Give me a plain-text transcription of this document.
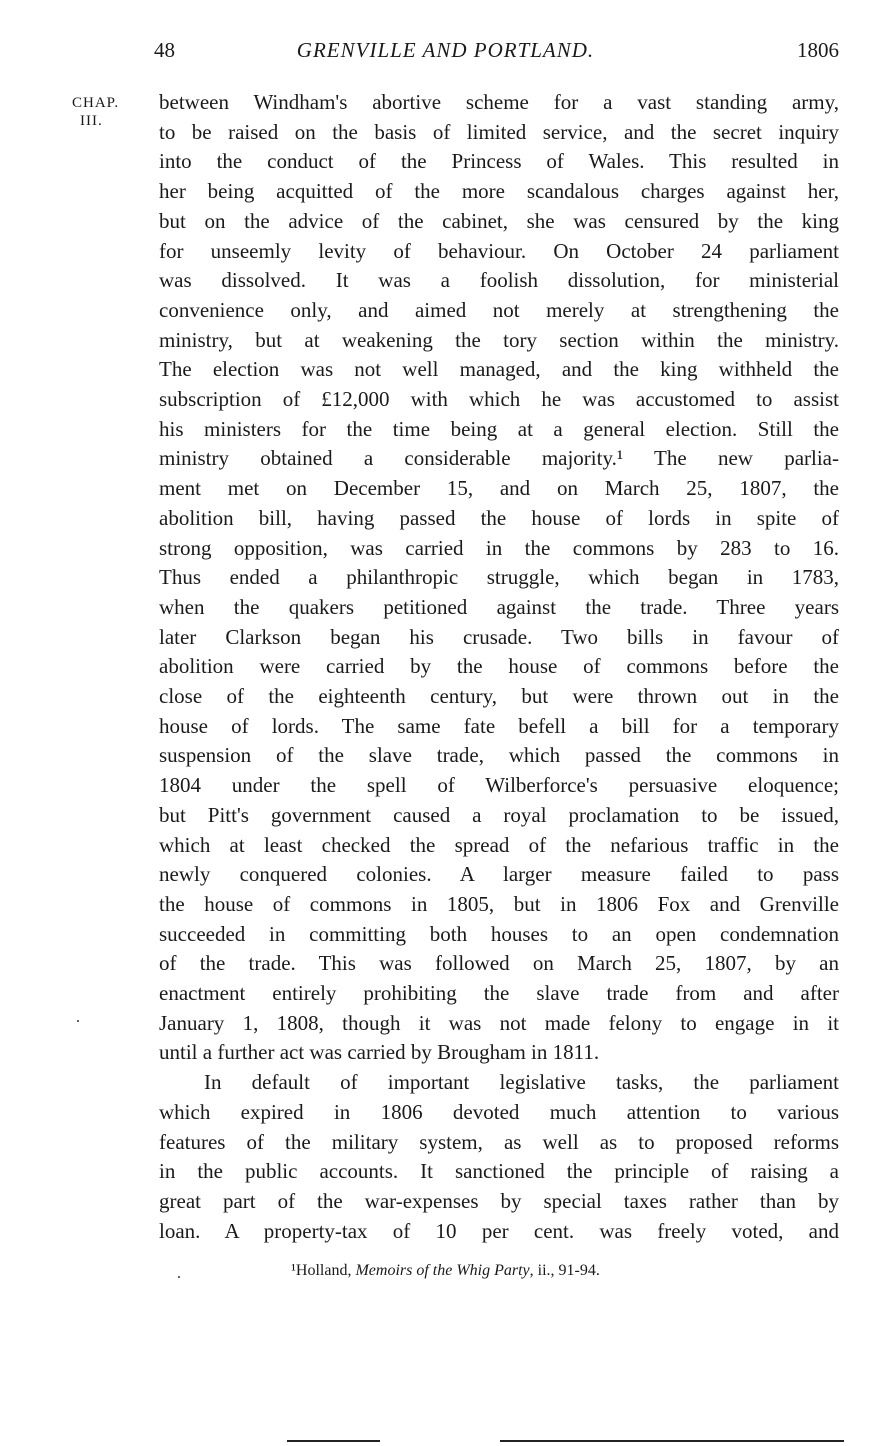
48	GRENVILLE AND PORTLAND.	1806
CHAP.
III.
between Windham's abortive scheme for a vast standing army,
to be raised on the basis of limited service, and the secret inquiry
into the conduct of the Princess of Wales. This resulted in
her being acquitted of the more scandalous charges against her,
but on the advice of the cabinet, she was censured by the king
for unseemly levity of behaviour. On October 24 parliament
was dissolved. It was a foolish dissolution, for ministerial
convenience only, and aimed not merely at strengthening the
ministry, but at weakening the tory section within the ministry.
The election was not well managed, and the king withheld the
subscription of £12,000 with which he was accustomed to assist
his ministers for the time being at a general election. Still the
ministry obtained a considerable majority.¹ The new parlia-
ment met on December 15, and on March 25, 1807, the
abolition bill, having passed the house of lords in spite of
strong opposition, was carried in the commons by 283 to 16.
Thus ended a philanthropic struggle, which began in 1783,
when the quakers petitioned against the trade. Three years
later Clarkson began his crusade. Two bills in favour of
abolition were carried by the house of commons before the
close of the eighteenth century, but were thrown out in the
house of lords. The same fate befell a bill for a temporary
suspension of the slave trade, which passed the commons in
1804 under the spell of Wilberforce's persuasive eloquence;
but Pitt's government caused a royal proclamation to be issued,
which at least checked the spread of the nefarious traffic in the
newly conquered colonies. A larger measure failed to pass
the house of commons in 1805, but in 1806 Fox and Grenville
succeeded in committing both houses to an open condemnation
of the trade. This was followed on March 25, 1807, by an
enactment entirely prohibiting the slave trade from and after
January 1, 1808, though it was not made felony to engage in it
until a further act was carried by Brougham in 1811.
In default of important legislative tasks, the parliament
which expired in 1806 devoted much attention to various
features of the military system, as well as to proposed reforms
in the public accounts. It sanctioned the principle of raising a
great part of the war-expenses by special taxes rather than by
loan. A property-tax of 10 per cent. was freely voted, and
¹Holland, Memoirs of the Whig Party, ii., 91-94.
